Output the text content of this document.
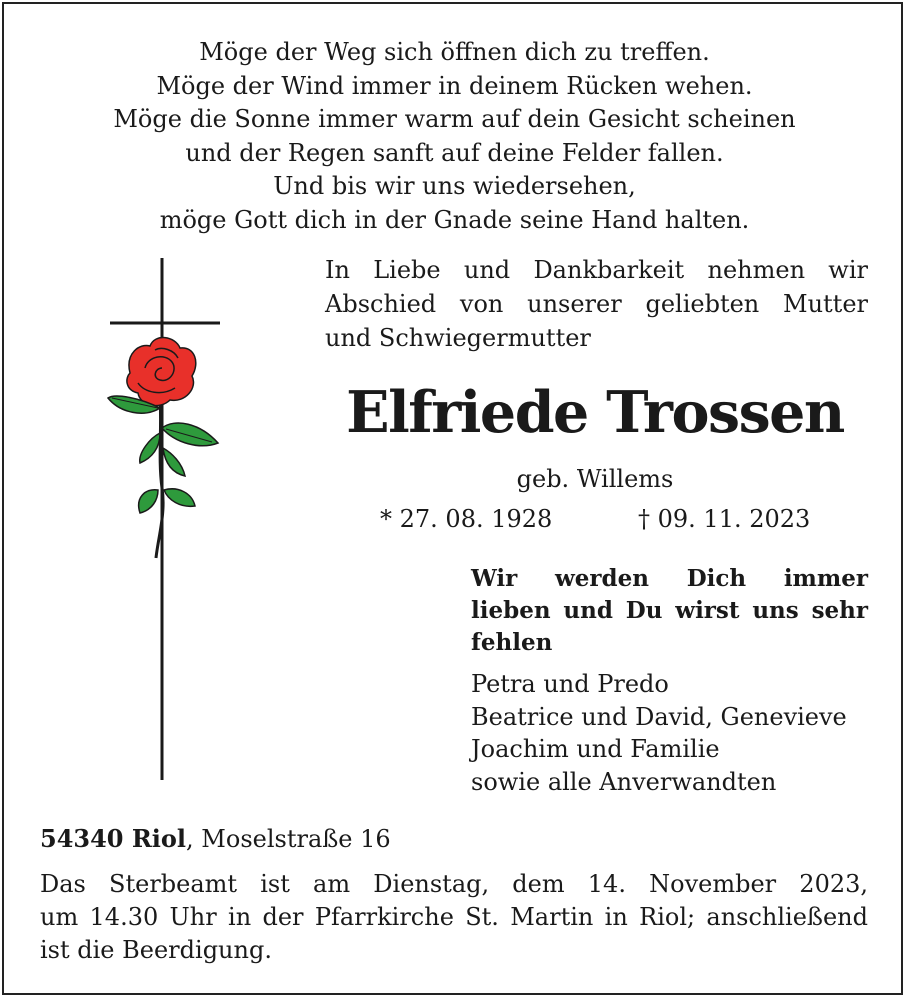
Möge der Weg sich öffnen dich zu treffen.
Möge der Wind immer in deinem Rücken wehen.
Möge die Sonne immer warm auf dein Gesicht scheinen
und der Regen sanft auf deine Felder fallen.
Und bis wir uns wiedersehen,
möge Gott dich in der Gnade seine Hand halten.
In Liebe und Dankbarkeit nehmen wir
Abschied von unserer geliebten Mutter
und Schwiegermutter
Elfriede Trossen
geb. Willems
* 27. 08. 1928	† 09. 11. 2023
Wir werden Dich immer
lieben und Du wirst uns sehr
fehlen
Petra und Predo
Beatrice und David, Genevieve
Joachim und Familie
sowie alle Anverwandten
54340 Riol, Moselstraße 16
Das Sterbeamt ist am Dienstag, dem 14. November 2023,
um 14.30 Uhr in der Pfarrkirche St. Martin in Riol; anschließend
ist die Beerdigung.
